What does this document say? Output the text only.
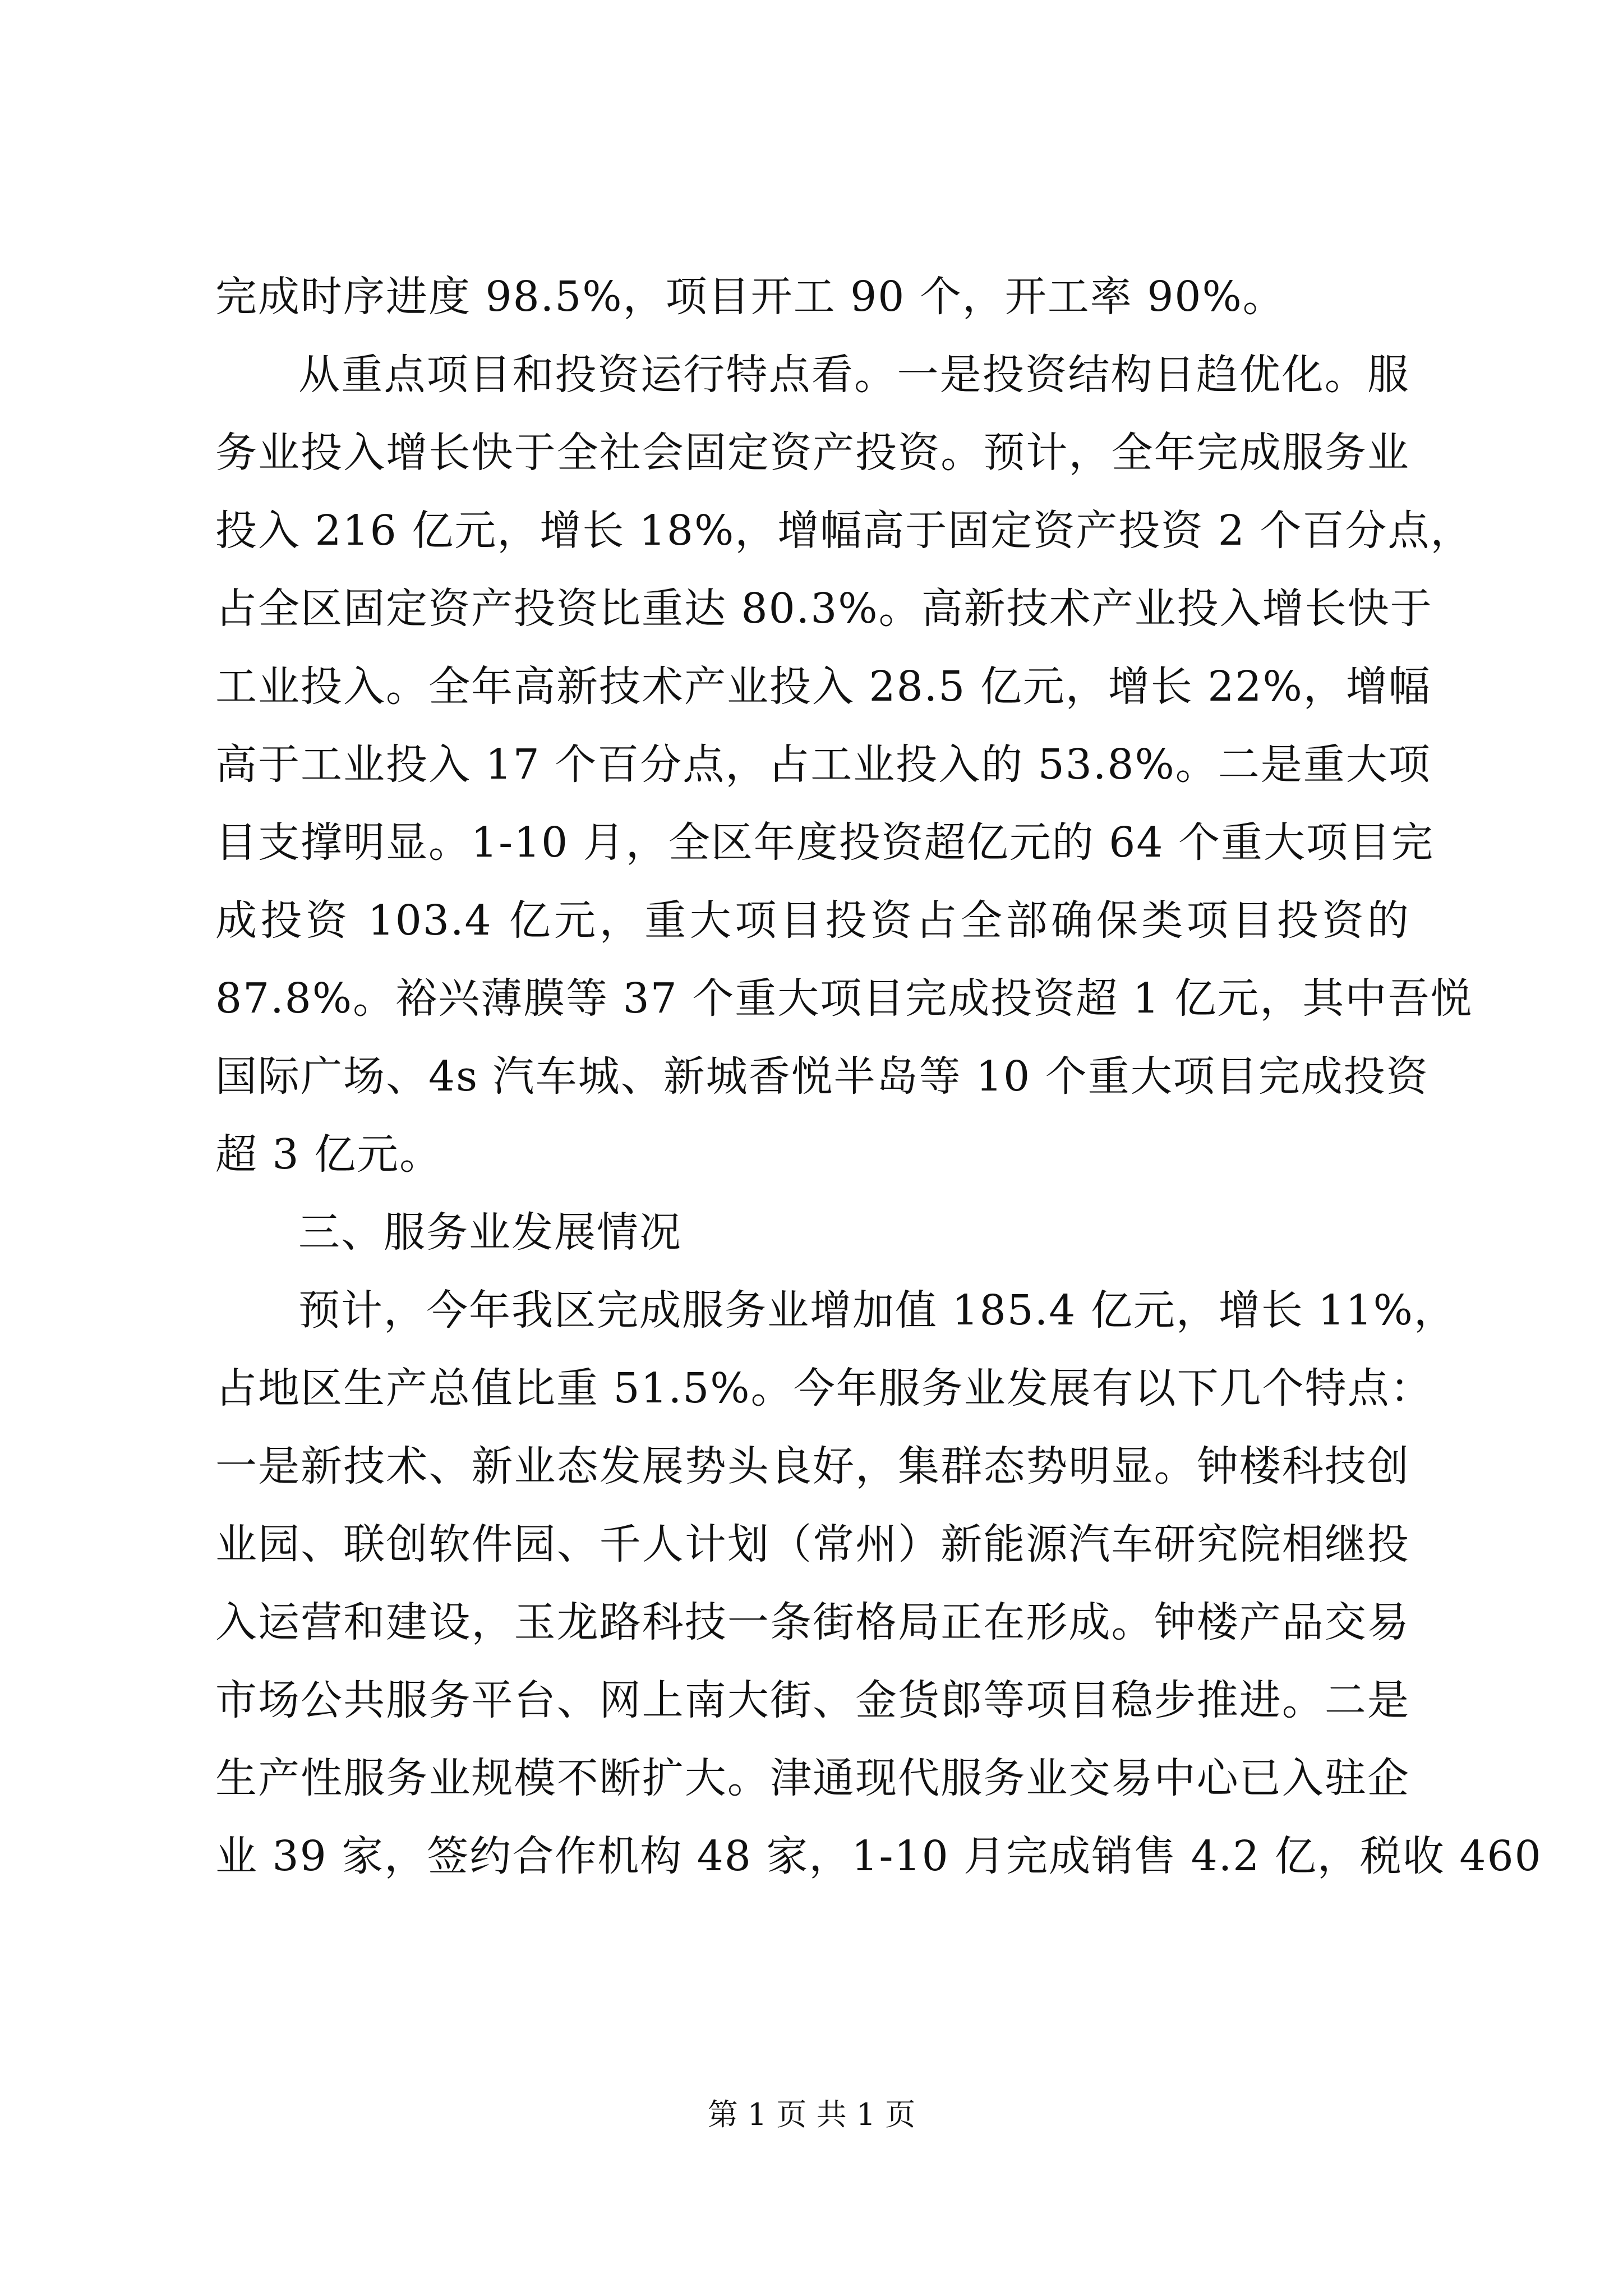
完成时序进度 98.5%，项目开工 90 个，开工率 90%。
从重点项目和投资运行特点看。一是投资结构日趋优化。服
务业投入增长快于全社会固定资产投资。预计，全年完成服务业
投入 216 亿元，增长 18%，增幅高于固定资产投资 2 个百分点，
占全区固定资产投资比重达 80.3%。高新技术产业投入增长快于
工业投入。全年高新技术产业投入 28.5 亿元，增长 22%，增幅
高于工业投入 17 个百分点，占工业投入的 53.8%。二是重大项
目支撑明显。1-10 月，全区年度投资超亿元的 64 个重大项目完
成投资 103.4 亿元，重大项目投资占全部确保类项目投资的
87.8%。裕兴薄膜等 37 个重大项目完成投资超 1 亿元，其中吾悦
国际广场、4s 汽车城、新城香悦半岛等 10 个重大项目完成投资
超 3 亿元。
三、服务业发展情况
预计，今年我区完成服务业增加值 185.4 亿元，增长 11%，
占地区生产总值比重 51.5%。今年服务业发展有以下几个特点：
一是新技术、新业态发展势头良好，集群态势明显。钟楼科技创
业园、联创软件园、千人计划（常州）新能源汽车研究院相继投
入运营和建设，玉龙路科技一条街格局正在形成。钟楼产品交易
市场公共服务平台、网上南大街、金货郎等项目稳步推进。二是
生产性服务业规模不断扩大。津通现代服务业交易中心已入驻企
业 39 家，签约合作机构 48 家，1-10 月完成销售 4.2 亿，税收 460
第 1 页 共 1 页
